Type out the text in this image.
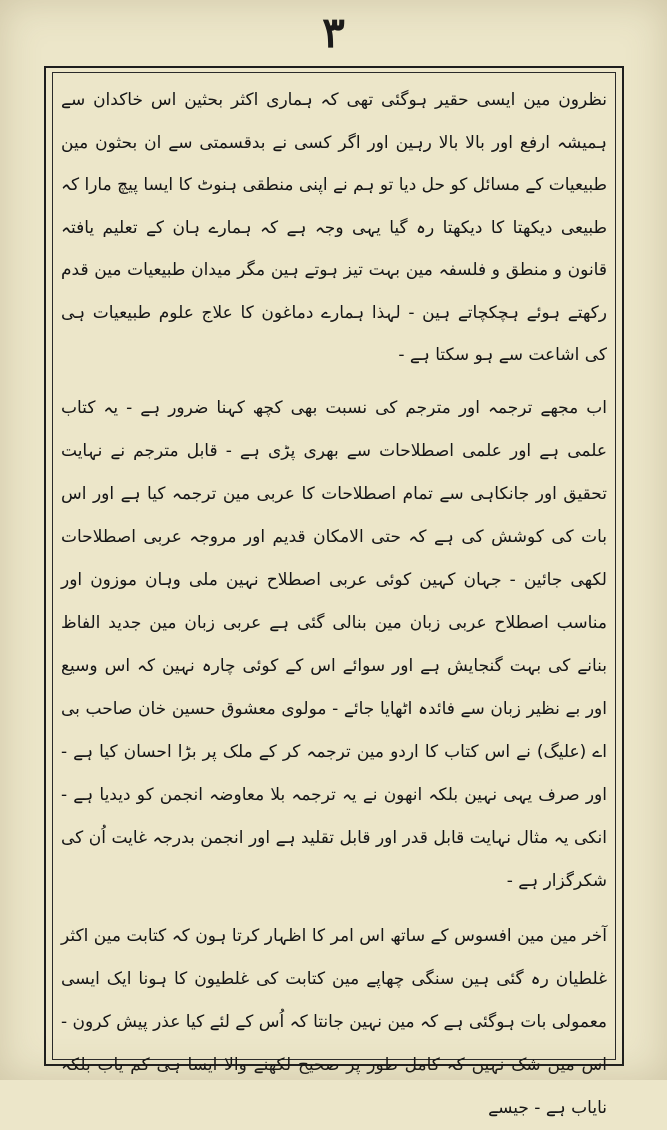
۳

نظرون مین ایسی حقیر ہوگئی تھی کہ ہماری اکثر بحثین اس خاکدان سے ہمیشہ ارفع اور بالا بالا رہین اور اگر کسی نے بدقسمتی سے ان بحثون مین طبیعیات کے مسائل کو حل دیا تو ہم نے اپنی منطقی ہنوٹ کا ایسا پیچ مارا کہ طبیعی دیکھتا کا دیکھتا رہ گیا یہی وجہ ہے کہ ہمارے ہان کے تعلیم یافتہ قانون و منطق و فلسفہ مین بہت تیز ہوتے ہین مگر میدان طبیعیات مین قدم رکھتے ہوئے ہچکچاتے ہین - لہذا ہمارے دماغون کا علاج علوم طبیعیات ہی کی اشاعت سے ہو سکتا ہے -

اب مجھے ترجمہ اور مترجم کی نسبت بھی کچھ کہنا ضرور ہے - یہ کتاب علمی ہے اور علمی اصطلاحات سے بھری پڑی ہے - قابل مترجم نے نہایت تحقیق اور جانکاہی سے تمام اصطلاحات کا عربی مین ترجمہ کیا ہے اور اس بات کی کوشش کی ہے کہ حتی الامکان قدیم اور مروجہ عربی اصطلاحات لکھی جائین - جہان کہین کوئی عربی اصطلاح نہین ملی وہان موزون اور مناسب اصطلاح عربی زبان مین بنالی گئی ہے عربی زبان مین جدید الفاظ بنانے کی بہت گنجایش ہے اور سوائے اس کے کوئی چارہ نہین کہ اس وسیع اور بے نظیر زبان سے فائدہ اٹھایا جائے - مولوی معشوق حسین خان صاحب بی اے (علیگ) نے اس کتاب کا اردو مین ترجمہ کر کے ملک پر بڑا احسان کیا ہے - اور صرف یہی نہین بلکہ انھون نے یہ ترجمہ بلا معاوضہ انجمن کو دیدیا ہے - انکی یہ مثال نہایت قابل قدر اور قابل تقلید ہے اور انجمن بدرجہ غایت اُن کی شکرگزار ہے -

آخر مین مین افسوس کے ساتھ اس امر کا اظہار کرتا ہون کہ کتابت مین اکثر غلطیان رہ گئی ہین سنگی چھاپے مین کتابت کی غلطیون کا ہونا ایک ایسی معمولی بات ہوگئی ہے کہ مین نہین جانتا کہ اُس کے لئے کیا عذر پیش کرون - اس مین شک نہین کہ کامل طور پر صحیح لکھنے والا ایسا ہی کم یاب بلکہ نایاب ہے - جیسے
